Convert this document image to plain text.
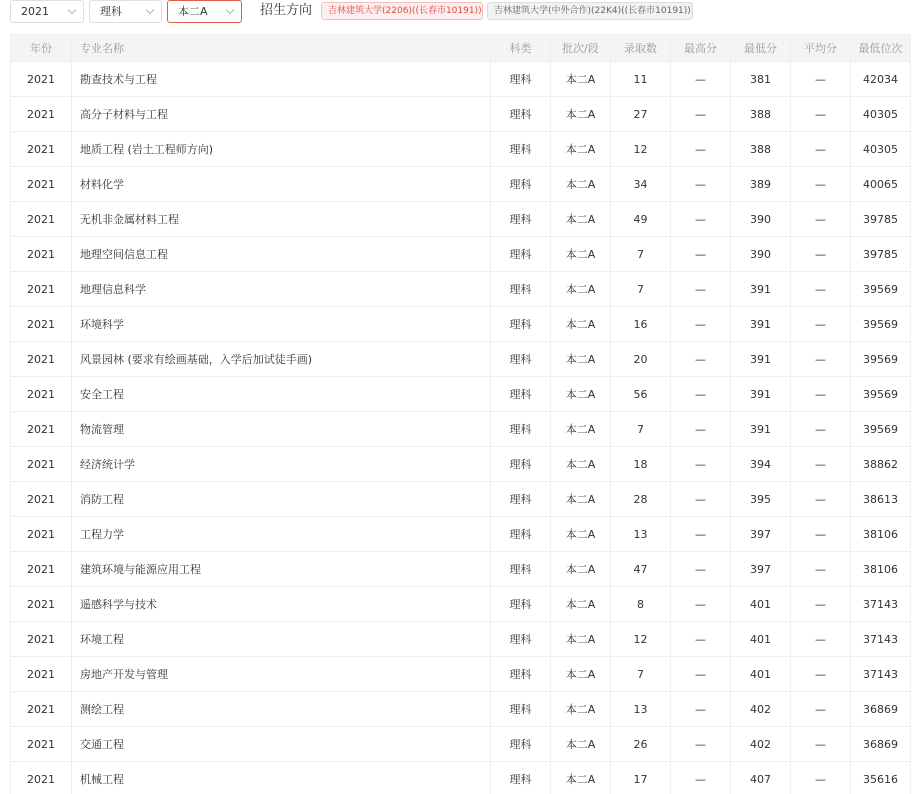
2021	理科	本二A	招生方向	吉林建筑大学(2206)((长春市10191))	吉林建筑大学(中外合作)(22K4)((长春市10191))
年份	专业名称	科类	批次/段	录取数	最高分	最低分	平均分	最低位次
2021	勘查技术与工程	理科	本二A	11	—	381	—	42034
2021	高分子材料与工程	理科	本二A	27	—	388	—	40305
2021	地质工程 (岩土工程师方向)	理科	本二A	12	—	388	—	40305
2021	材料化学	理科	本二A	34	—	389	—	40065
2021	无机非金属材料工程	理科	本二A	49	—	390	—	39785
2021	地理空间信息工程	理科	本二A	7	—	390	—	39785
2021	地理信息科学	理科	本二A	7	—	391	—	39569
2021	环境科学	理科	本二A	16	—	391	—	39569
2021	风景园林 (要求有绘画基础，入学后加试徒手画)	理科	本二A	20	—	391	—	39569
2021	安全工程	理科	本二A	56	—	391	—	39569
2021	物流管理	理科	本二A	7	—	391	—	39569
2021	经济统计学	理科	本二A	18	—	394	—	38862
2021	消防工程	理科	本二A	28	—	395	—	38613
2021	工程力学	理科	本二A	13	—	397	—	38106
2021	建筑环境与能源应用工程	理科	本二A	47	—	397	—	38106
2021	遥感科学与技术	理科	本二A	8	—	401	—	37143
2021	环境工程	理科	本二A	12	—	401	—	37143
2021	房地产开发与管理	理科	本二A	7	—	401	—	37143
2021	测绘工程	理科	本二A	13	—	402	—	36869
2021	交通工程	理科	本二A	26	—	402	—	36869
2021	机械工程	理科	本二A	17	—	407	—	35616
